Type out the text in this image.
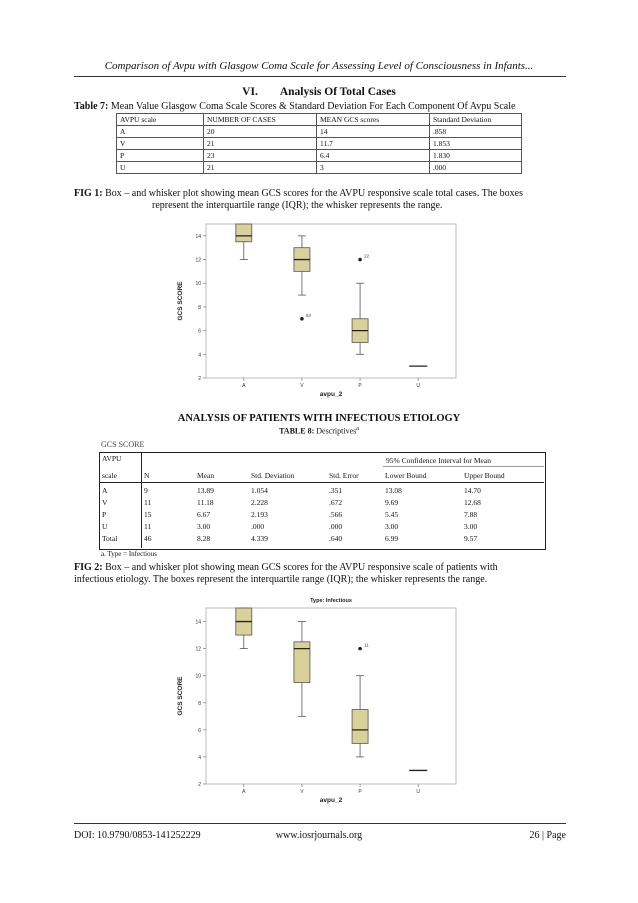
Comparison of Avpu with Glasgow Coma Scale for Assessing Level of Consciousness in Infants...
VI. Analysis Of Total Cases
Table 7: Mean Value Glasgow Coma Scale Scores & Standard Deviation For Each Component Of Avpu Scale
AVPU scale	NUMBER OF CASES	MEAN GCS scores	Standard Deviation
A	20	14	.858
V	21	11.7	1.853
P	23	6.4	1.830
U	21	3	.000
FIG 1: Box – and whisker plot showing mean GCS scores for the AVPU responsive scale total cases. The boxes
represent the interquartile range (IQR); the whisker represents the range.
2
4
6
8
10
12
14
GCS SCORE
A	V	P	U
avpu_2
63
22
ANALYSIS OF PATIENTS WITH INFECTIOUS ETIOLOGY
TABLE 8: Descriptives$^a$
GCS SCORE
AVPU	95% Confidence Interval for Mean
scale	N	Mean	Std. Deviation	Std. Error	Lower Bound	Upper Bound
A	9	13.89	1.054	.351	13.08	14.70
V	11	11.18	2.228	.672	9.69	12.68
P	15	6.67	2.193	.566	5.45	7.88
U	11	3.00	.000	.000	3.00	3.00
Total	46	8.28	4.339	.640	6.99	9.57
a. Type = Infectious
FIG 2: Box – and whisker plot showing mean GCS scores for the AVPU responsive scale of patients with
infectious etiology. The boxes represent the interquartile range (IQR); the whisker represents the range.
2
4
6
8
10
12
14
GCS SCORE
A	V	P	U
avpu_2
Type: Infectious
11
DOI: 10.9790/0853-141252229	www.iosrjournals.org	26 | Page
